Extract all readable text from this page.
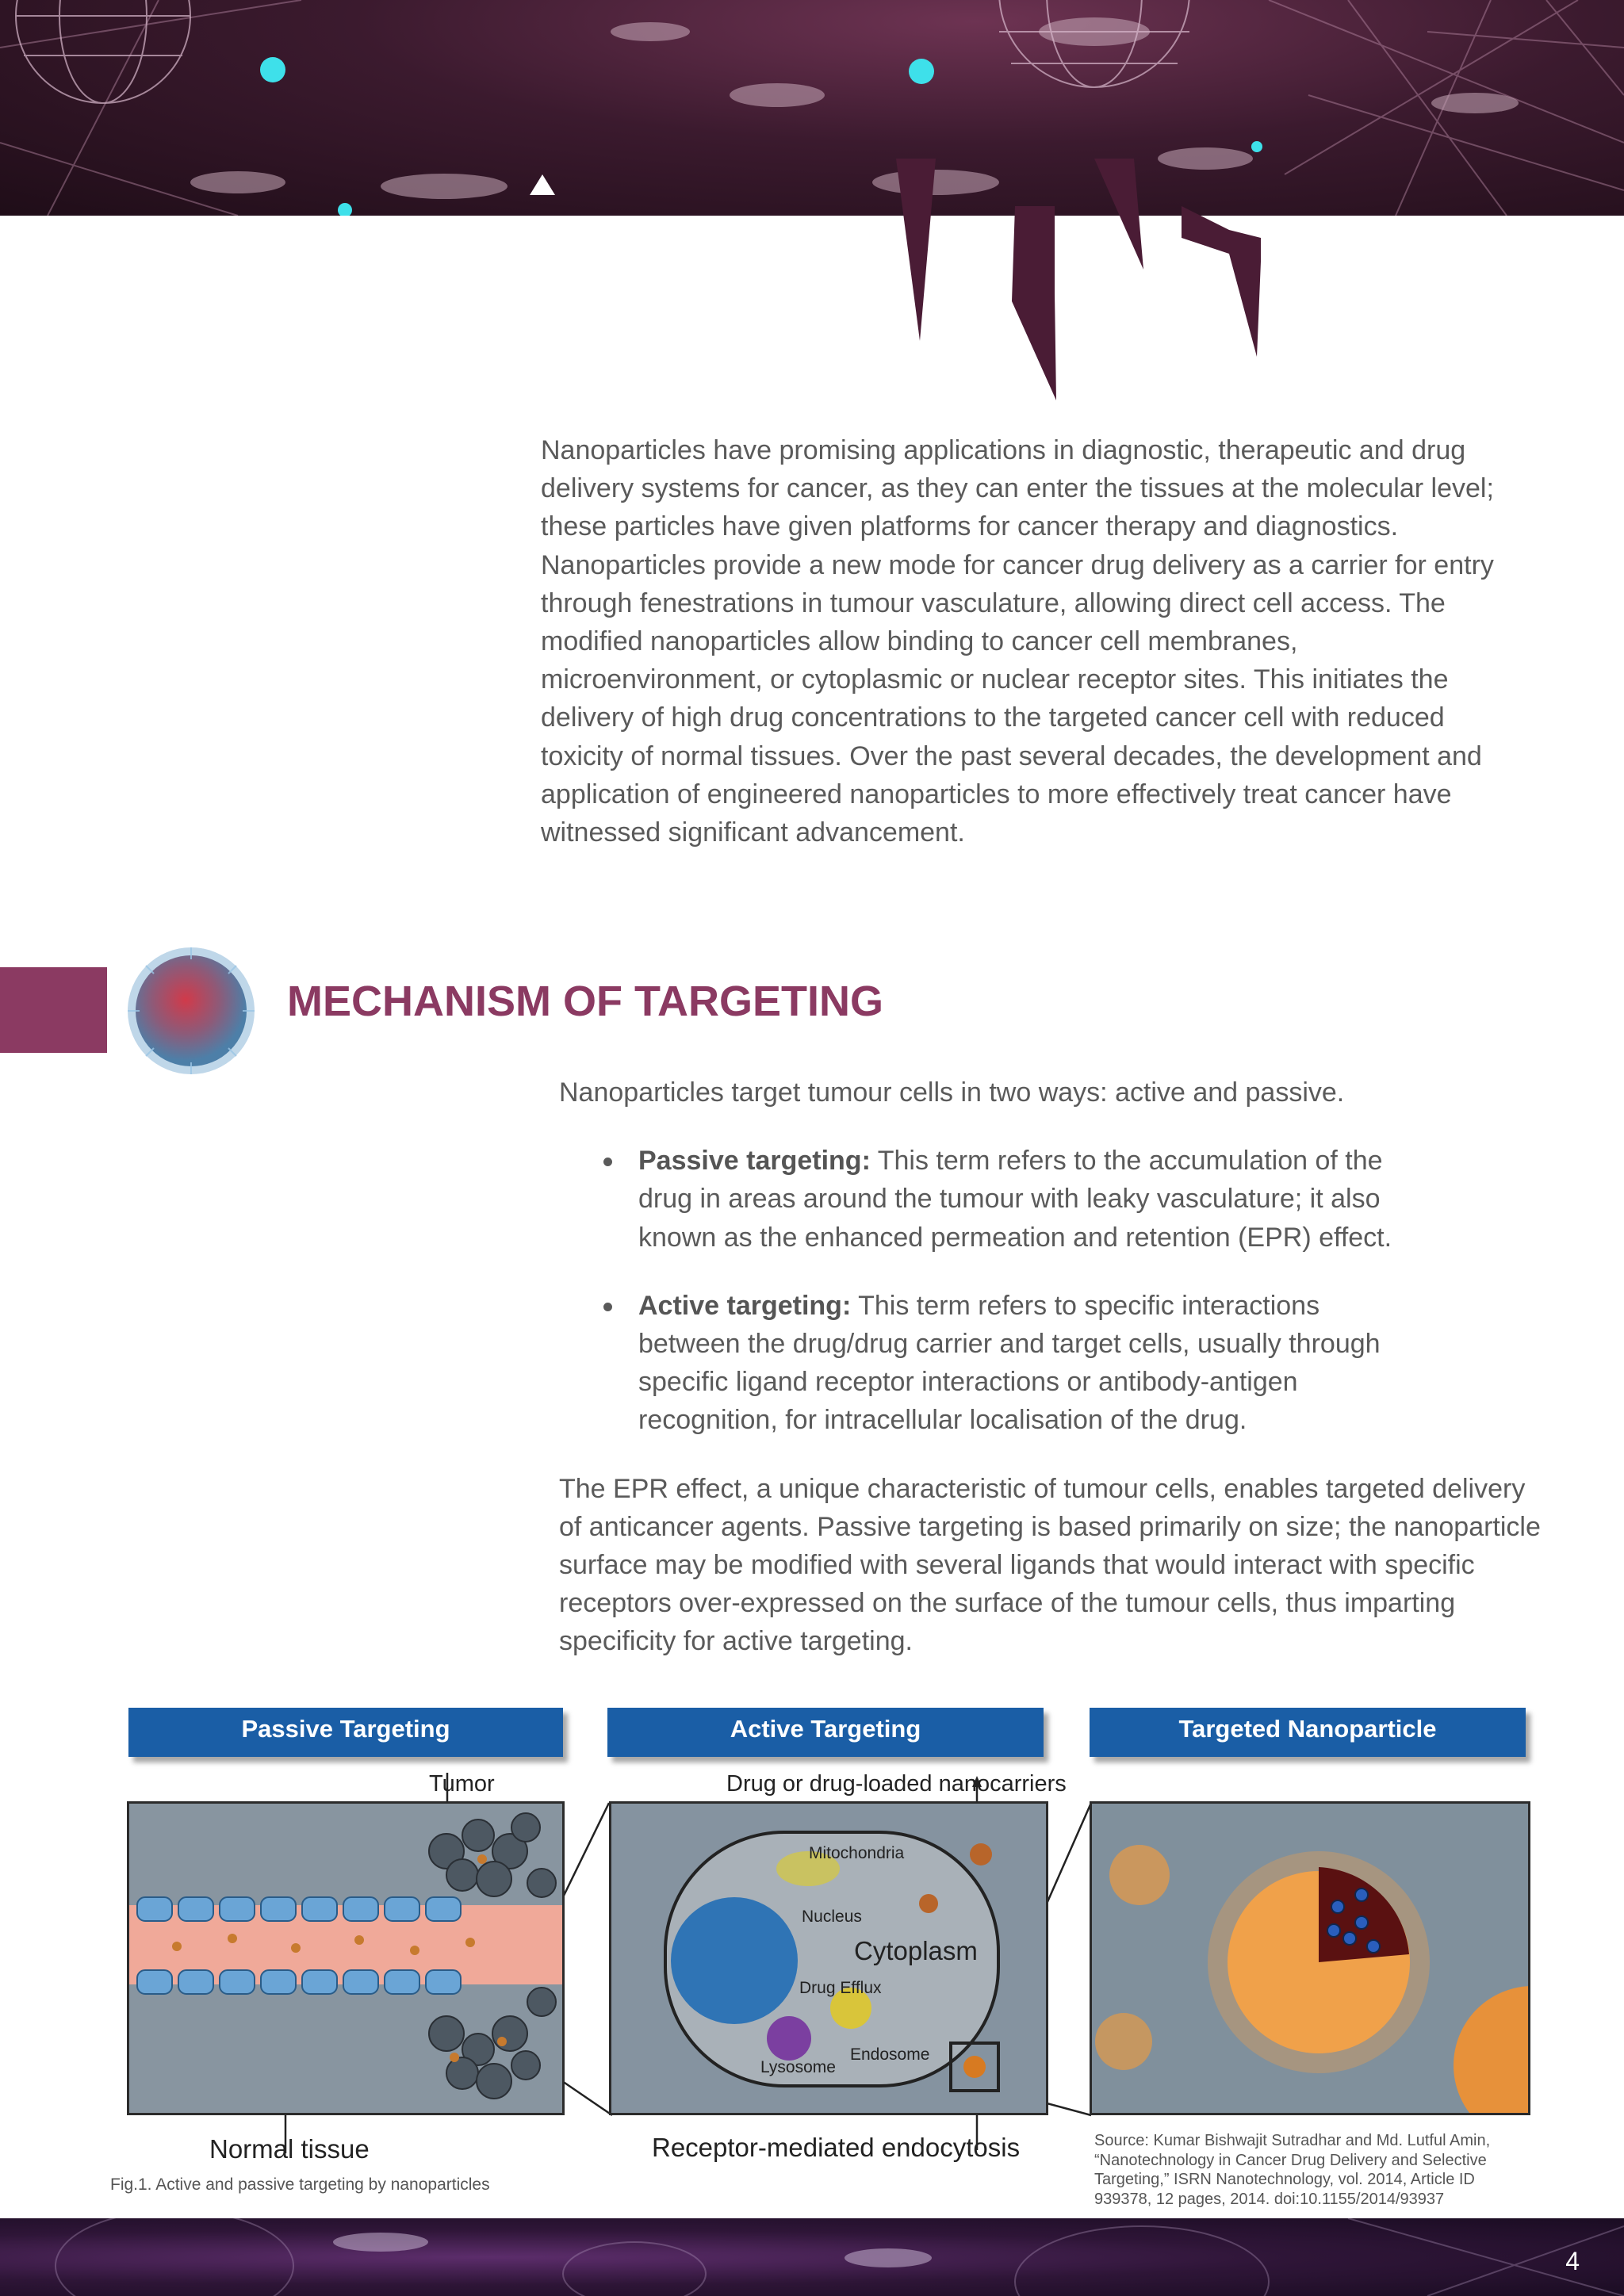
Nanoparticles have promising applications in diagnostic, therapeutic and drug delivery systems for cancer, as they can enter the tissues at the molecular level; these particles have given platforms for cancer therapy and diagnostics. Nanoparticles provide a new mode for cancer drug delivery as a carrier for entry through fenestrations in tumour vasculature, allowing direct cell access. The modified nanoparticles allow binding to cancer cell membranes, microenvironment, or cytoplasmic or nuclear receptor sites. This initiates the delivery of high drug concentrations to the targeted cancer cell with reduced toxicity of normal tissues. Over the past several decades, the development and application of engineered nanoparticles to more effectively treat cancer have witnessed significant advancement.
MECHANISM OF TARGETING

Nanoparticles target tumour cells in two ways: active and passive.

Passive targeting: This term refers to the accumulation of the drug in areas around the tumour with leaky vasculature; it also known as the enhanced permeation and retention (EPR) effect.
Active targeting: This term refers to specific interactions between the drug/drug carrier and target cells, usually through specific ligand receptor interactions or antibody-antigen recognition, for intracellular localisation of the drug.

The EPR effect, a unique characteristic of tumour cells, enables targeted delivery of anticancer agents. Passive targeting is based primarily on size; the nanoparticle surface may be modified with several ligands that would interact with specific receptors over-expressed on the surface of the tumour cells, thus imparting specificity for active targeting.

Passive Targeting	Active Targeting	Targeted Nanoparticle
Tumor	Drug or drug-loaded nanocarriers
Mitochondria
Nucleus
Cytoplasm
Drug Efflux
Endosome
Lysosome
Normal tissue	Receptor-mediated endocytosis
Fig.1. Active and passive targeting by nanoparticles
Source: Kumar Bishwajit Sutradhar and Md. Lutful Amin, “Nanotechnology in Cancer Drug Delivery and Selective Targeting,” ISRN Nanotechnology, vol. 2014, Article ID 939378, 12 pages, 2014. doi:10.1155/2014/93937
4
